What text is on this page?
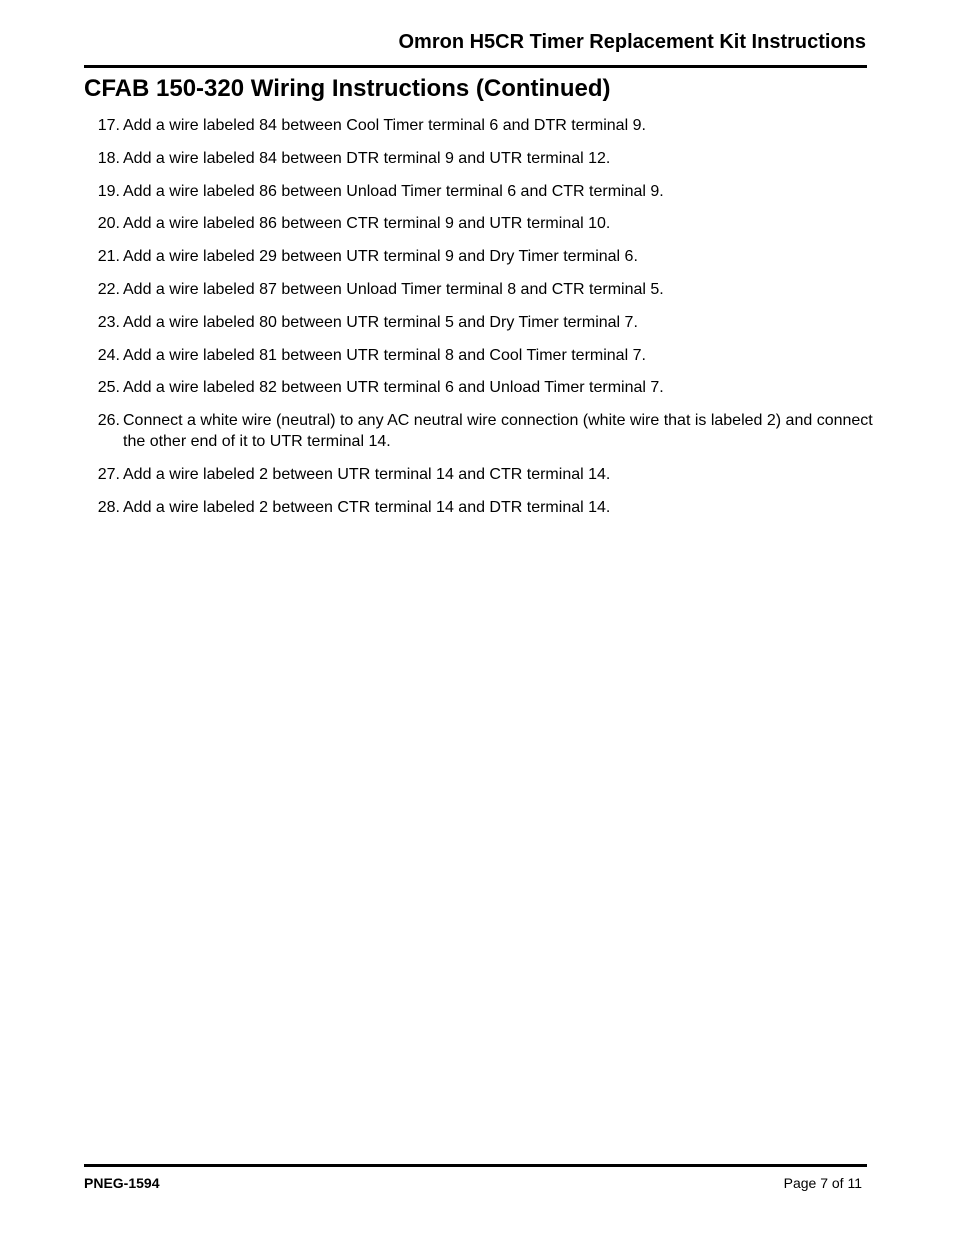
Omron H5CR Timer Replacement Kit Instructions
CFAB 150-320 Wiring Instructions (Continued)
17. Add a wire labeled 84 between Cool Timer terminal 6 and DTR terminal 9.
18. Add a wire labeled 84 between DTR terminal 9 and UTR terminal 12.
19. Add a wire labeled 86 between Unload Timer terminal 6 and CTR terminal 9.
20. Add a wire labeled 86 between CTR terminal 9 and UTR terminal 10.
21. Add a wire labeled 29 between UTR terminal 9 and Dry Timer terminal 6.
22. Add a wire labeled 87 between Unload Timer terminal 8 and CTR terminal 5.
23. Add a wire labeled 80 between UTR terminal 5 and Dry Timer terminal 7.
24. Add a wire labeled 81 between UTR terminal 8 and Cool Timer terminal 7.
25. Add a wire labeled 82 between UTR terminal 6 and Unload Timer terminal 7.
26. Connect a white wire (neutral) to any AC neutral wire connection (white wire that is labeled 2) and connect the other end of it to UTR terminal 14.
27. Add a wire labeled 2 between UTR terminal 14 and CTR terminal 14.
28. Add a wire labeled 2 between CTR terminal 14 and DTR terminal 14.
PNEG-1594	Page 7 of 11
